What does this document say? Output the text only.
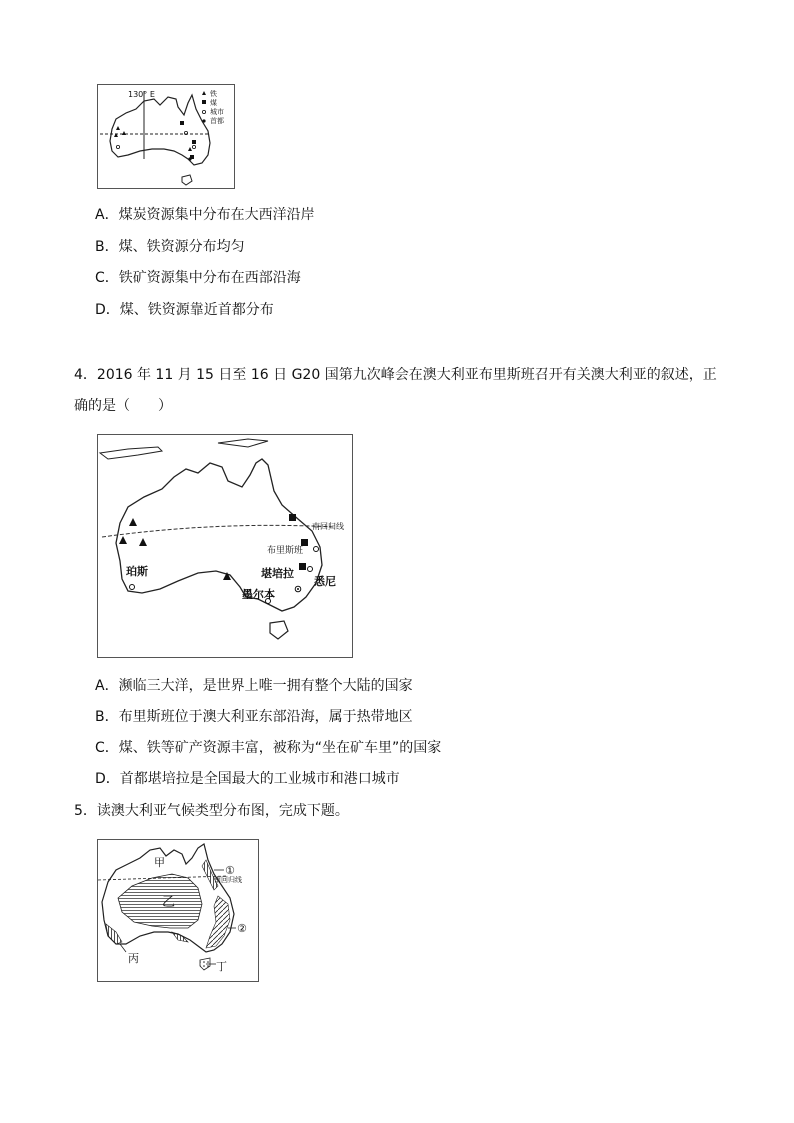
130° E	铁
煤
城市
首都
A．煤炭资源集中分布在大西洋沿岸
B．煤、铁资源分布均匀
C．铁矿资源集中分布在西部沿海
D．煤、铁资源靠近首都分布
4．2016 年 11 月 15 日至 16 日 G20 国第九次峰会在澳大利亚布里斯班召开有关澳大利亚的叙述，正
确的是（　　）
南回归线
布里斯班
堪培拉
悉尼
珀斯
墨尔本
A．濒临三大洋，是世界上唯一拥有整个大陆的国家
B．布里斯班位于澳大利亚东部沿海，属于热带地区
C．煤、铁等矿产资源丰富，被称为“坐在矿车里”的国家
D．首都堪培拉是全国最大的工业城市和港口城市
5．读澳大利亚气候类型分布图，完成下题。
甲
乙
丙
丁
①
②
南回归线
